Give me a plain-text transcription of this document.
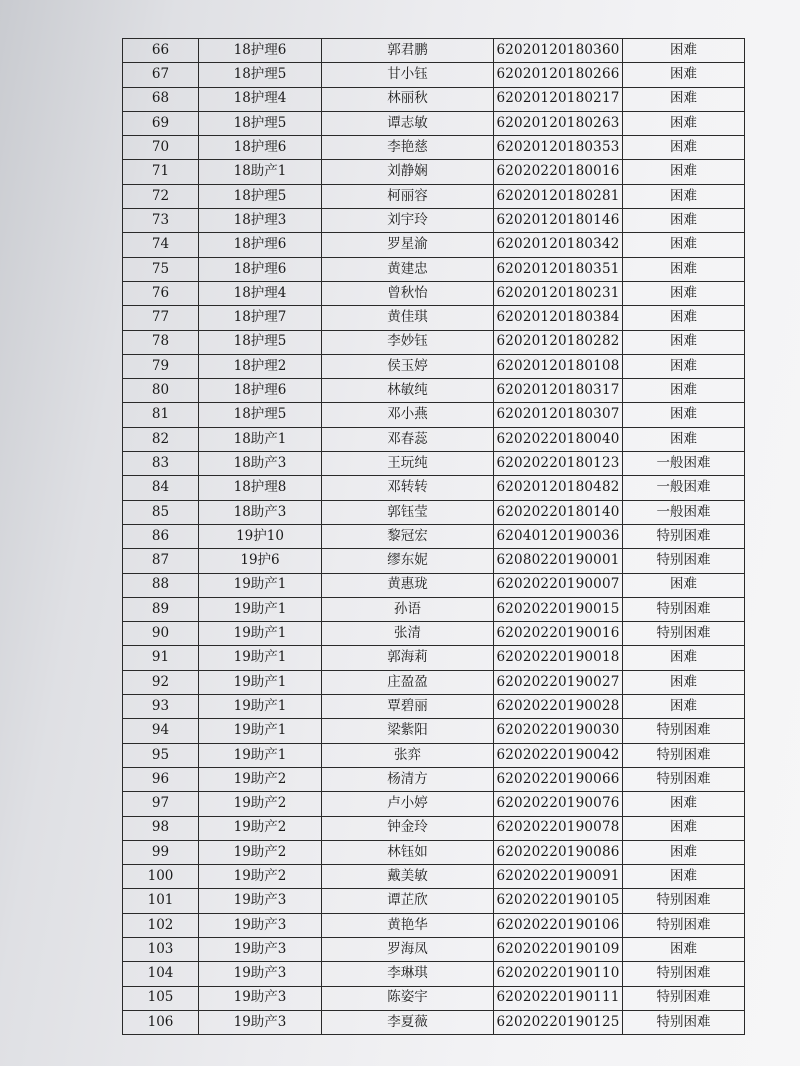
66	18护理6	郭君鹏	62020120180360	困难
67	18护理5	甘小钰	62020120180266	困难
68	18护理4	林丽秋	62020120180217	困难
69	18护理5	谭志敏	62020120180263	困难
70	18护理6	李艳慈	62020120180353	困难
71	18助产1	刘静娴	62020220180016	困难
72	18护理5	柯丽容	62020120180281	困难
73	18护理3	刘宇玲	62020120180146	困难
74	18护理6	罗星渝	62020120180342	困难
75	18护理6	黄建忠	62020120180351	困难
76	18护理4	曾秋怡	62020120180231	困难
77	18护理7	黄佳琪	62020120180384	困难
78	18护理5	李妙钰	62020120180282	困难
79	18护理2	侯玉婷	62020120180108	困难
80	18护理6	林敏纯	62020120180317	困难
81	18护理5	邓小燕	62020120180307	困难
82	18助产1	邓春蕊	62020220180040	困难
83	18助产3	王玩纯	62020220180123	一般困难
84	18护理8	邓转转	62020120180482	一般困难
85	18助产3	郭钰莹	62020220180140	一般困难
86	19护10	黎冠宏	62040120190036	特别困难
87	19护6	缪东妮	62080220190001	特别困难
88	19助产1	黄惠珑	62020220190007	困难
89	19助产1	孙语	62020220190015	特别困难
90	19助产1	张清	62020220190016	特别困难
91	19助产1	郭海莉	62020220190018	困难
92	19助产1	庄盈盈	62020220190027	困难
93	19助产1	覃碧丽	62020220190028	困难
94	19助产1	梁紫阳	62020220190030	特别困难
95	19助产1	张弈	62020220190042	特别困难
96	19助产2	杨清方	62020220190066	特别困难
97	19助产2	卢小婷	62020220190076	困难
98	19助产2	钟金玲	62020220190078	困难
99	19助产2	林钰如	62020220190086	困难
100	19助产2	戴美敏	62020220190091	困难
101	19助产3	谭芷欣	62020220190105	特别困难
102	19助产3	黄艳华	62020220190106	特别困难
103	19助产3	罗海凤	62020220190109	困难
104	19助产3	李琳琪	62020220190110	特别困难
105	19助产3	陈姿宇	62020220190111	特别困难
106	19助产3	李夏薇	62020220190125	特别困难
